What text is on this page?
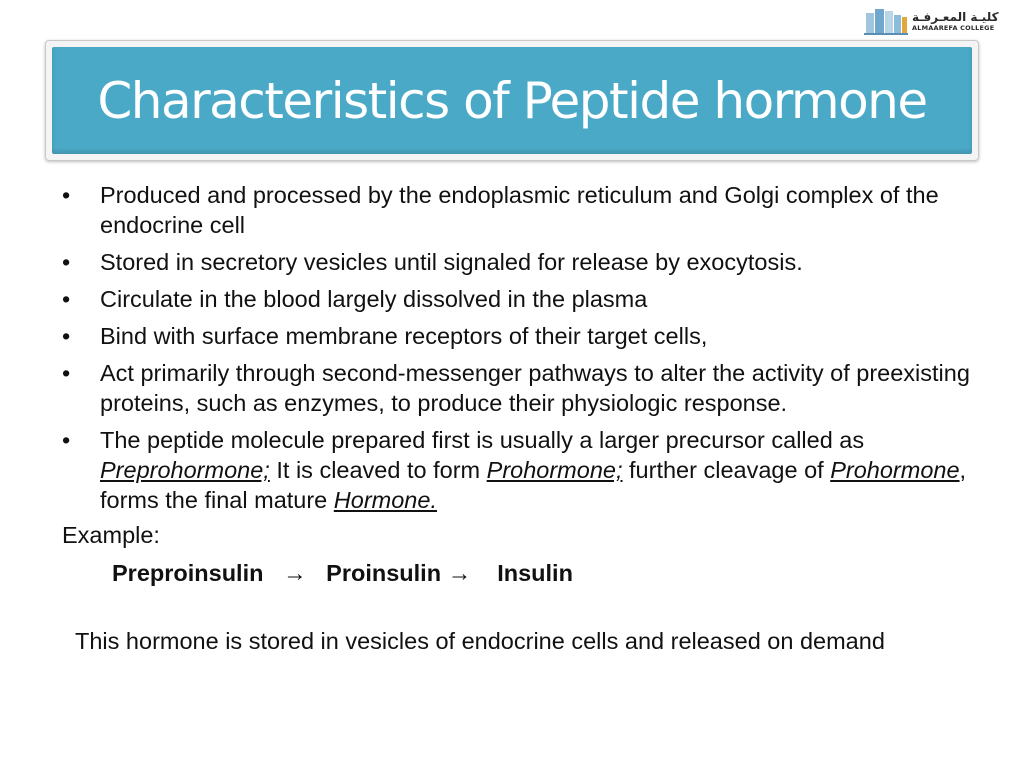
كليـة المعـرفـة
ALMAAREFA COLLEGE
Characteristics of Peptide hormone
• Produced and processed by the endoplasmic reticulum and Golgi complex of the endocrine cell
• Stored in secretory vesicles until signaled for release by exocytosis.
• Circulate in the blood largely dissolved in the plasma
• Bind with surface membrane receptors of their target cells,
• Act primarily through second-messenger pathways to alter the activity of preexisting proteins, such as enzymes, to produce their physiologic response.
• The peptide molecule prepared first is usually a larger precursor called as Preprohormone; It is cleaved to form Prohormone; further cleavage of Prohormone, forms the final mature Hormone.
Example:
Preproinsulin   →   Proinsulin →    Insulin
This hormone is stored in vesicles of endocrine cells and released on demand
